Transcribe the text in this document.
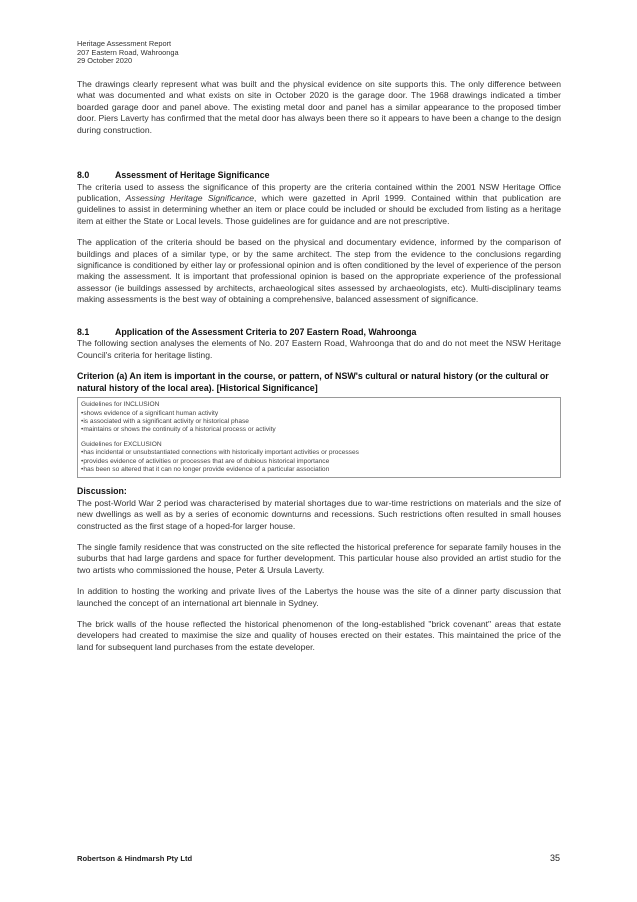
Heritage Assessment Report
207 Eastern Road, Wahroonga
29 October 2020

The drawings clearly represent what was built and the physical evidence on site supports this. The only difference between what was documented and what exists on site in October 2020 is the garage door. The 1968 drawings indicated a timber boarded garage door and panel above. The existing metal door and panel has a similar appearance to the proposed timber door. Piers Laverty has confirmed that the metal door has always been there so it appears to have been a change to the design during construction.

8.0	Assessment of Heritage Significance

The criteria used to assess the significance of this property are the criteria contained within the 2001 NSW Heritage Office publication, Assessing Heritage Significance, which were gazetted in April 1999. Contained within that publication are guidelines to assist in determining whether an item or place could be included or should be excluded from listing as a heritage item at either the State or Local levels. Those guidelines are for guidance and are not prescriptive.

The application of the criteria should be based on the physical and documentary evidence, informed by the comparison of buildings and places of a similar type, or by the same architect. The step from the evidence to the conclusions regarding significance is conditioned by either lay or professional opinion and is often conditioned by the level of experience of the person making the assessment. It is important that professional opinion is based on the appropriate experience of the professional assessor (ie buildings assessed by architects, archaeological sites assessed by archaeologists, etc). Multi-disciplinary teams making assessments is the best way of obtaining a comprehensive, balanced assessment of significance.

8.1	Application of the Assessment Criteria to 207 Eastern Road, Wahroonga

The following section analyses the elements of No. 207 Eastern Road, Wahroonga that do and do not meet the NSW Heritage Council's criteria for heritage listing.

Criterion (a) An item is important in the course, or pattern, of NSW's cultural or natural history (or the cultural or natural history of the local area). [Historical Significance]
Guidelines for INCLUSION
• shows evidence of a significant human activity
• is associated with a significant activity or historical phase
• maintains or shows the continuity of a historical process or activity
Guidelines for EXCLUSION
• has incidental or unsubstantiated connections with historically important activities or processes
• provides evidence of activities or processes that are of dubious historical importance
• has been so altered that it can no longer provide evidence of a particular association
Discussion:

The post-World War 2 period was characterised by material shortages due to war-time restrictions on materials and the size of new dwellings as well as by a series of economic downturns and recessions. Such restrictions often resulted in small houses constructed as the first stage of a hoped-for larger house.

The single family residence that was constructed on the site reflected the historical preference for separate family houses in the suburbs that had large gardens and space for further development. This particular house also provided an artist studio for the two artists who commissioned the house, Peter & Ursula Laverty.

In addition to hosting the working and private lives of the Labertys the house was the site of a dinner party discussion that launched the concept of an international art biennale in Sydney.

The brick walls of the house reflected the historical phenomenon of the long-established "brick covenant" areas that estate developers had created to maximise the size and quality of houses erected on their estates. This maintained the price of the land for subsequent land purchases from the estate developer.

Robertson & Hindmarsh Pty Ltd	35
